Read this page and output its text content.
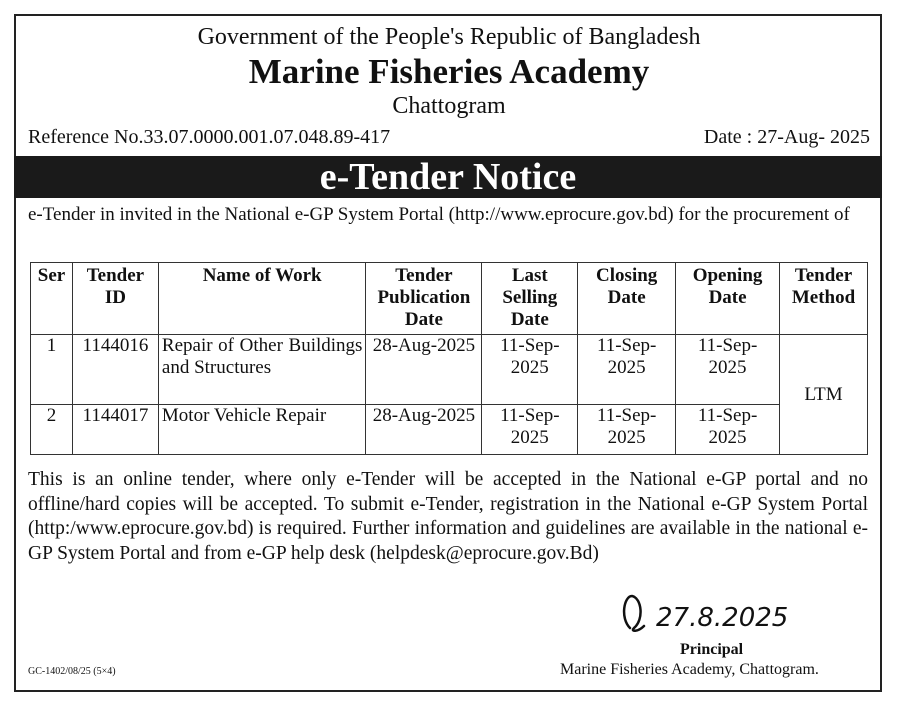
Government of the People's Republic of Bangladesh
Marine Fisheries Academy
Chattogram
Reference No.33.07.0000.001.07.048.89-417	Date : 27-Aug- 2025
e-Tender Notice
e-Tender in invited in the National e-GP System Portal (http://www.eprocure.gov.bd) for the procurement of
Ser	Tender ID	Name of Work	Tender Publication Date	Last Selling Date	Closing Date	Opening Date	Tender Method
1	1144016	Repair of Other Buildings and Structures	28-Aug-2025	11-Sep-2025	11-Sep-2025	11-Sep-2025	LTM
2	1144017	Motor Vehicle Repair	28-Aug-2025	11-Sep-2025	11-Sep-2025	11-Sep-2025	
This is an online tender, where only e-Tender will be accepted in the National e-GP portal and no offline/hard copies will be accepted. To submit e-Tender, registration in the National e-GP System Portal (http:/www.eprocure.gov.bd) is required. Further information and guidelines are available in the national e-GP System Portal and from e-GP help desk (helpdesk@eprocure.gov.Bd)
27.8.2025
Principal
Marine Fisheries Academy, Chattogram.
GC-1402/08/25 (5×4)
